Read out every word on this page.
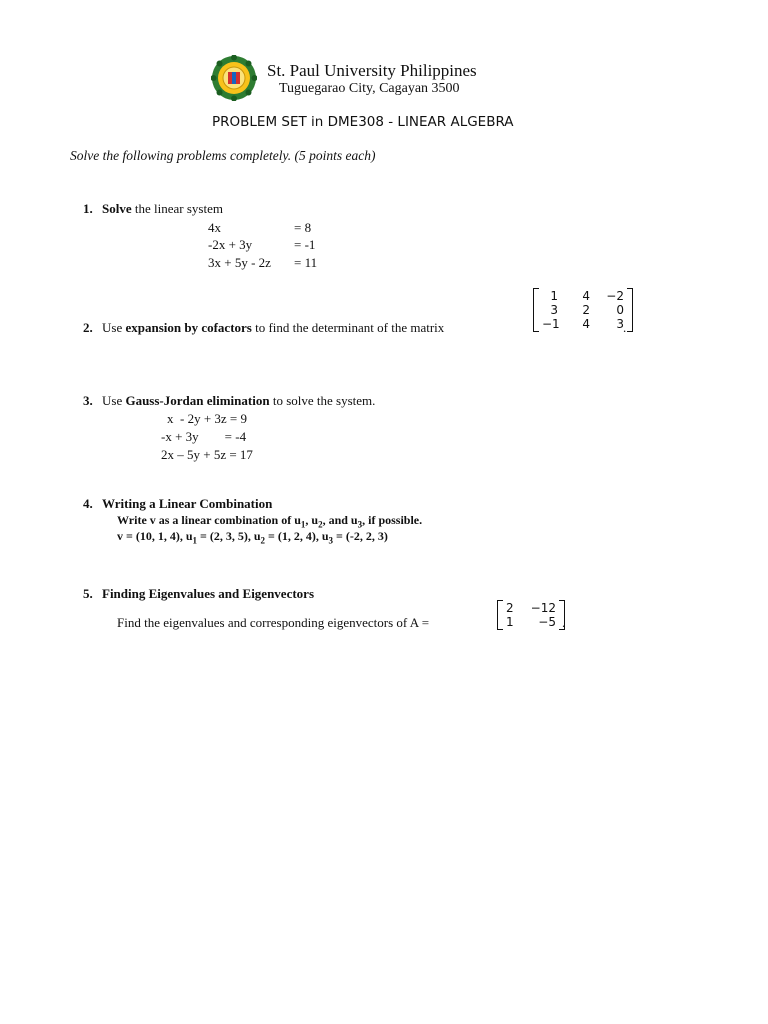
St. Paul University Philippines
Tuguegarao City, Cagayan 3500
PROBLEM SET in DME308 - LINEAR ALGEBRA
Solve the following problems completely. (5 points each)
1. Solve the linear system
4x	= 8
-2x + 3y	= -1
3x + 5y - 2z = 11
2. Use expansion by cofactors to find the determinant of the matrix
1	4 −2
3	2	0
−1	4	3 .
3. Use Gauss-Jordan elimination to solve the system.
x  - 2y + 3z = 9
-x + 3y        = -4
2x – 5y + 5z = 17
4. Writing a Linear Combination
Write v as a linear combination of $u_1$, $u_2$, and $u_3$, if possible.
v = (10, 1, 4), $u_1 = (2$, 3, 5), $u_2 = (1$, 2, 4), $u_3 = (-2$, 2, 3)
5. Finding Eigenvalues and Eigenvectors
Find the eigenvalues and corresponding eigenvectors of A =
2 −12
1	−5 .
